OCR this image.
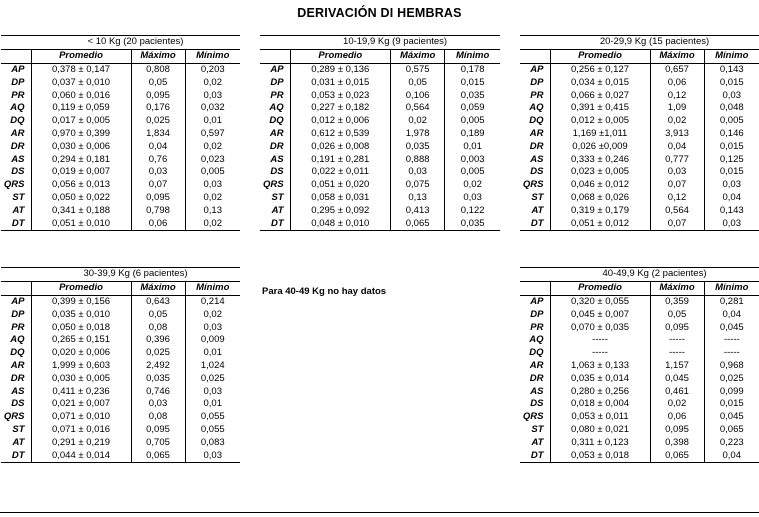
DERIVACIÓN DI HEMBRAS
	< 10 Kg (20 pacientes)		
	Promedio	Máximo	Mínimo
AP	0,378 ± 0,147	0,808	0,203
DP	0,037 ± 0,010	0,05	0,02
PR	0,060 ± 0,016	0,095	0,03
AQ	0,119 ± 0,059	0,176	0,032
DQ	0,017 ± 0,005	0,025	0,01
AR	0,970 ± 0,399	1,834	0,597
DR	0,030 ± 0,006	0,04	0,02
AS	0,294 ± 0,181	0,76	0,023
DS	0,019 ± 0,007	0,03	0,005
QRS	0,056 ± 0,013	0,07	0,03
ST	0,050 ± 0,022	0,095	0,02
AT	0,341 ± 0,188	0,798	0,13
DT	0,051 ± 0,010	0,06	0,02
	10-19,9 Kg (9 pacientes)		
	Promedio	Máximo	Mínimo
AP	0,289 ± 0,136	0,575	0,178
DP	0,031 ± 0,015	0,05	0,015
PR	0,053 ± 0,023	0,106	0,035
AQ	0,227 ± 0,182	0,564	0,059
DQ	0,012 ± 0,006	0,02	0,005
AR	0,612 ± 0,539	1,978	0,189
DR	0,026 ± 0,008	0,035	0,01
AS	0,191 ± 0,281	0,888	0,003
DS	0,022 ± 0,011	0,03	0,005
QRS	0,051 ± 0,020	0,075	0,02
ST	0,058 ± 0,031	0,13	0,03
AT	0,295 ± 0,092	0,413	0,122
DT	0,048 ± 0,010	0,065	0,035
	20-29,9 Kg (15 pacientes)		
	Promedio	Máximo	Mínimo
AP	0,256 ± 0,127	0,657	0,143
DP	0,034 ± 0,015	0,06	0,015
PR	0,066 ± 0,027	0,12	0,03
AQ	0,391 ± 0,415	1,09	0,048
DQ	0,012 ± 0,005	0,02	0,005
AR	1,169 ±1,011	3,913	0,146
DR	0,026 ±0,009	0,04	0,015
AS	0,333 ± 0,246	0,777	0,125
DS	0,023 ± 0,005	0,03	0,015
QRS	0,046 ± 0,012	0,07	0,03
ST	0,068 ± 0,026	0,12	0,04
AT	0,319 ± 0,179	0,564	0,143
DT	0,051 ± 0,012	0,07	0,03
	30-39,9 Kg (6 pacientes)		
	Promedio	Máximo	Mínimo
AP	0,399 ± 0,156	0,643	0,214
DP	0,035 ± 0,010	0,05	0,02
PR	0,050 ± 0,018	0,08	0,03
AQ	0,265 ± 0,151	0,396	0,009
DQ	0,020 ± 0,006	0,025	0,01
AR	1,999 ± 0,603	2,492	1,024
DR	0,030 ± 0,005	0,035	0,025
AS	0,411 ± 0,236	0,746	0,03
DS	0,021 ± 0,007	0,03	0,01
QRS	0,071 ± 0,010	0,08	0,055
ST	0,071 ± 0,016	0,095	0,055
AT	0,291 ± 0,219	0,705	0,083
DT	0,044 ± 0,014	0,065	0,03
	40-49,9 Kg (2 pacientes)		
	Promedio	Máximo	Mínimo
AP	0,320 ± 0,055	0,359	0,281
DP	0,045 ± 0,007	0,05	0,04
PR	0,070 ± 0,035	0,095	0,045
AQ	-----	-----	-----
DQ	-----	-----	-----
AR	1,063 ± 0,133	1,157	0,968
DR	0,035 ± 0,014	0,045	0,025
AS	0,280 ± 0,256	0,461	0,099
DS	0,018 ± 0,004	0,02	0,015
QRS	0,053 ± 0,011	0,06	0,045
ST	0,080 ± 0,021	0,095	0,065
AT	0,311 ± 0,123	0,398	0,223
DT	0,053 ± 0,018	0,065	0,04
Para 40-49 Kg no hay datos
